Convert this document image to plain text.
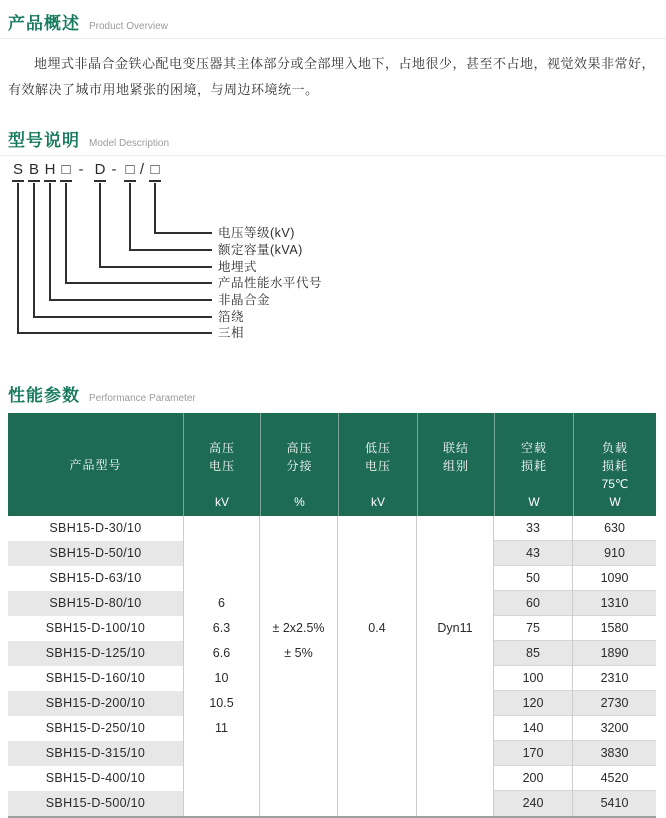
产品概述 Product Overview

地埋式非晶合金铁心配电变压器其主体部分或全部埋入地下，占地很少，甚至不占地，视觉效果非常好，有效解决了城市用地紧张的困境，与周边环境统一。

型号说明 Model Description
S B H □ - D - □ / □
电压等级(kV)
额定容量(kVA)
地埋式
产品性能水平代号
非晶合金
箔绕
三相
性能参数 Performance Parameter
产品型号
高压
电压
kV
高压
分接
%
低压
电压
kV
联结
组别
空载
损耗
W
负载
损耗
75℃
W
SBH15-D-30/10
SBH15-D-50/10
SBH15-D-63/10
SBH15-D-80/10
SBH15-D-100/10
SBH15-D-125/10
SBH15-D-160/10
SBH15-D-200/10
SBH15-D-250/10
SBH15-D-315/10
SBH15-D-400/10
SBH15-D-500/10
6
6.3
6.6
10
10.5
11
± 2x2.5%
± 5%
0.4	Dyn11
33
43
50
60
75
85
100
120
140
170
200
240
630
910
1090
1310
1580
1890
2310
2730
3200
3830
4520
5410
